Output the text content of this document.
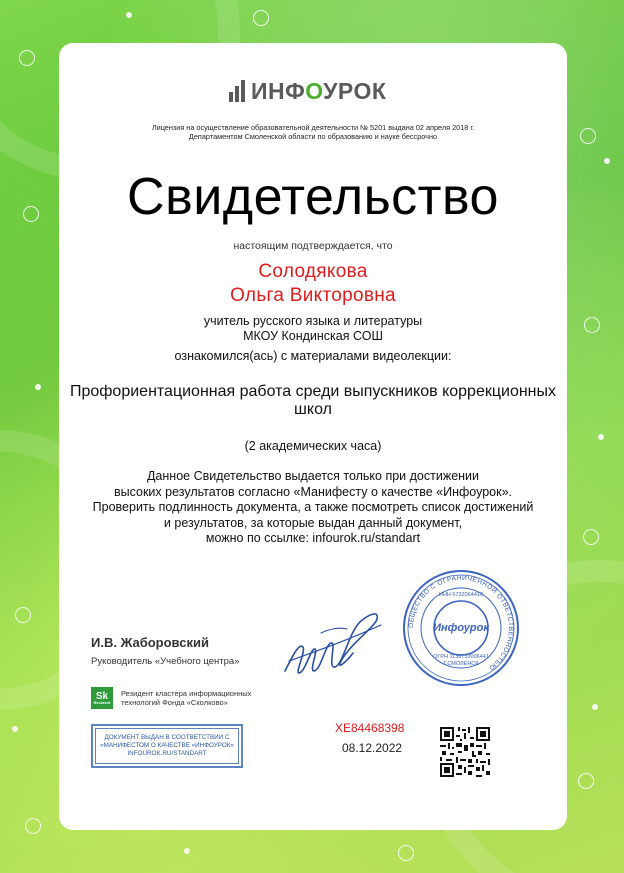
ИНФОУРОК
Лицензия на осуществление образовательной деятельности № 5201 выдана 02 апреля 2018 г.
Департаментом Смоленской области по образованию и науке бессрочно
Свидетельство
настоящим подтверждается, что
Солодякова
Ольга Викторовна
учитель русского языка и литературы
МКОУ Кондинская СОШ
ознакомился(ась) с материалами видеолекции:
Профориентационная работа среди выпускников коррекционных
школ
(2 академических часа)
Данное Свидетельство выдается только при достижении
высоких результатов согласно «Манифесту о качестве «Инфоурок».
Проверить подлинность документа, а также посмотреть список достижений
и результатов, за которые выдан данный документ,
можно по ссылке: infourok.ru/standart
И.В. Жаборовский
Руководитель «Учебного центра»
ОБЩЕСТВО С ОГРАНИЧЕННОЙ ОТВЕТСТВЕННОСТЬЮ
Инфоурок
ИНН 6732064410
ОГРН 1136733006441
Г.СМОЛЕНСК
Sk
Resident
Резидент кластера информационных
технологий Фонда «Сколково»
ДОКУМЕНТ ВЫДАН В СООТВЕТСТВИИ С
«МАНИФЕСТОМ О КАЧЕСТВЕ «ИНФОУРОК»
INFOUROK.RU/STANDART
ХЕ84468398
08.12.2022
